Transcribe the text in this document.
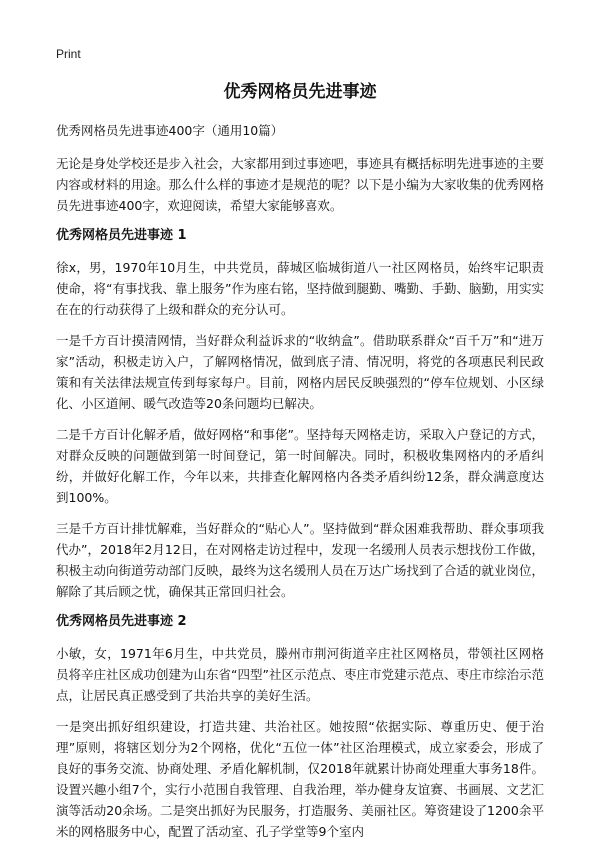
Print
优秀网格员先进事迹

优秀网格员先进事迹400字（通用10篇）

无论是身处学校还是步入社会，大家都用到过事迹吧，事迹具有概括标明先进事迹的主要内容或材料的用途。那么什么样的事迹才是规范的呢？以下是小编为大家收集的优秀网格员先进事迹400字，欢迎阅读，希望大家能够喜欢。

优秀网格员先进事迹 1

徐x，男，1970年10月生，中共党员，薛城区临城街道八一社区网格员，始终牢记职责使命，将“有事找我、靠上服务”作为座右铭，坚持做到腿勤、嘴勤、手勤、脑勤，用实实在在的行动获得了上级和群众的充分认可。

一是千方百计摸清网情，当好群众利益诉求的“收纳盒”。借助联系群众“百千万”和“进万家”活动，积极走访入户，了解网格情况，做到底子清、情况明，将党的各项惠民利民政策和有关法律法规宣传到每家每户。目前，网格内居民反映强烈的“停车位规划、小区绿化、小区道闸、暖气改造等20条问题均已解决。

二是千方百计化解矛盾，做好网格“和事佬”。坚持每天网格走访，采取入户登记的方式，对群众反映的问题做到第一时间登记，第一时间解决。同时，积极收集网格内的矛盾纠纷，并做好化解工作，今年以来，共排查化解网格内各类矛盾纠纷12条，群众满意度达到100%。

三是千方百计排忧解难，当好群众的“贴心人”。坚持做到“群众困难我帮助、群众事项我代办”，2018年2月12日，在对网格走访过程中，发现一名缓刑人员表示想找份工作做，积极主动向街道劳动部门反映，最终为这名缓刑人员在万达广场找到了合适的就业岗位，解除了其后顾之忧，确保其正常回归社会。

优秀网格员先进事迹 2

小敏，女，1971年6月生，中共党员，滕州市荆河街道辛庄社区网格员，带领社区网格员将辛庄社区成功创建为山东省“四型”社区示范点、枣庄市党建示范点、枣庄市综治示范点，让居民真正感受到了共治共享的美好生活。

一是突出抓好组织建设，打造共建、共治社区。她按照“依据实际、尊重历史、便于治理”原则，将辖区划分为2个网格，优化“五位一体”社区治理模式，成立家委会，形成了良好的事务交流、协商处理、矛盾化解机制，仅2018年就累计协商处理重大事务18件。设置兴趣小组7个，实行小范围自我管理、自我治理，举办健身友谊赛、书画展、文艺汇演等活动20余场。二是突出抓好为民服务，打造服务、美丽社区。筹资建设了1200余平米的网格服务中心，配置了活动室、孔子学堂等9个室内
